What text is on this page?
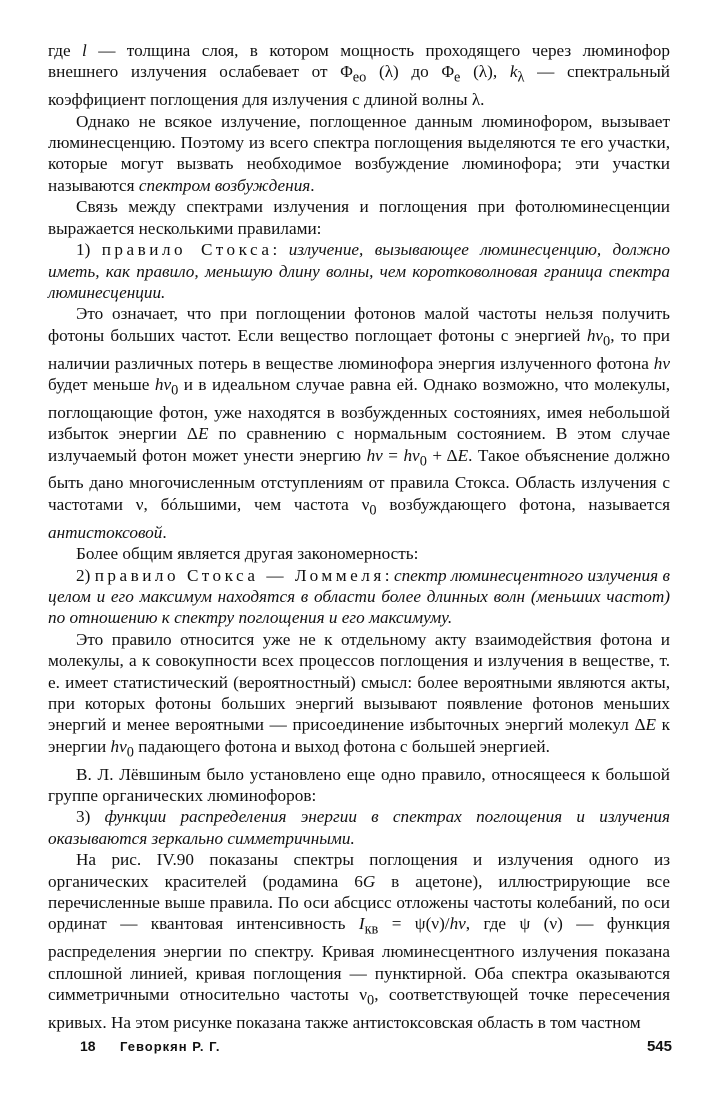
где l — толщина слоя, в котором мощность проходящего через люминофор внешнего излучения ослабевает от $\Phi_{eo}$ (λ) до $\Phi_e$ (λ), $k_\lambda$ — спектральный коэффициент поглощения для излучения с длиной волны λ.

Однако не всякое излучение, поглощенное данным люминофором, вызывает люминесценцию. Поэтому из всего спектра поглощения выделяются те его участки, которые могут вызвать необходимое возбуждение люминофора; эти участки называются спектром возбуждения.

Связь между спектрами излучения и поглощения при фотолюминесценции выражается несколькими правилами:

1) правило Стокса: излучение, вызывающее люминесценцию, должно иметь, как правило, меньшую длину волны, чем коротковолновая граница спектра люминесценции.

Это означает, что при поглощении фотонов малой частоты нельзя получить фотоны больших частот. Если вещество поглощает фотоны с энергией $h\nu_0$, то при наличии различных потерь в веществе люминофора энергия излученного фотона hν будет меньше $h\nu_0$ и в идеальном случае равна ей. Однако возможно, что молекулы, поглощающие фотон, уже находятся в возбужденных состояниях, имея небольшой избыток энергии ΔE по сравнению с нормальным состоянием. В этом случае излучаемый фотон может унести энергию $h\nu = h\nu_0 + \Delta E$. Такое объяснение должно быть дано многочисленным отступлениям от правила Стокса. Область излучения с частотами ν, бóльшими, чем частота $\nu_0$ возбуждающего фотона, называется антистоксовой.

Более общим является другая закономерность:

2) правило Стокса — Ломмеля: спектр люминесцентного излучения в целом и его максимум находятся в области более длинных волн (меньших частот) по отношению к спектру поглощения и его максимуму.

Это правило относится уже не к отдельному акту взаимодействия фотона и молекулы, а к совокупности всех процессов поглощения и излучения в веществе, т. е. имеет статистический (вероятностный) смысл: более вероятными являются акты, при которых фотоны больших энергий вызывают появление фотонов меньших энергий и менее вероятными — присоединение избыточных энергий молекул ΔE к энергии $h\nu_0$ падающего фотона и выход фотона с большей энергией.

В. Л. Лёвшиным было установлено еще одно правило, относящееся к большой группе органических люминофоров:

3) функции распределения энергии в спектрах поглощения и излучения оказываются зеркально симметричными.

На рис. IV.90 показаны спектры поглощения и излучения одного из органических красителей (родамина 6G в ацетоне), иллюстрирующие все перечисленные выше правила. По оси абсцисс отложены частоты колебаний, по оси ординат — квантовая интенсивность $I_{кв} = \psi(\nu)/h\nu$, где ψ (ν) — функция распределения энергии по спектру. Кривая люминесцентного излучения показана сплошной линией, кривая поглощения — пунктирной. Оба спектра оказываются симметричными относительно частоты $\nu_0$, соответствующей точке пересечения кривых. На этом рисунке показана также антистоксовская область в том частном

18 Геворкян Р. Г.	545
